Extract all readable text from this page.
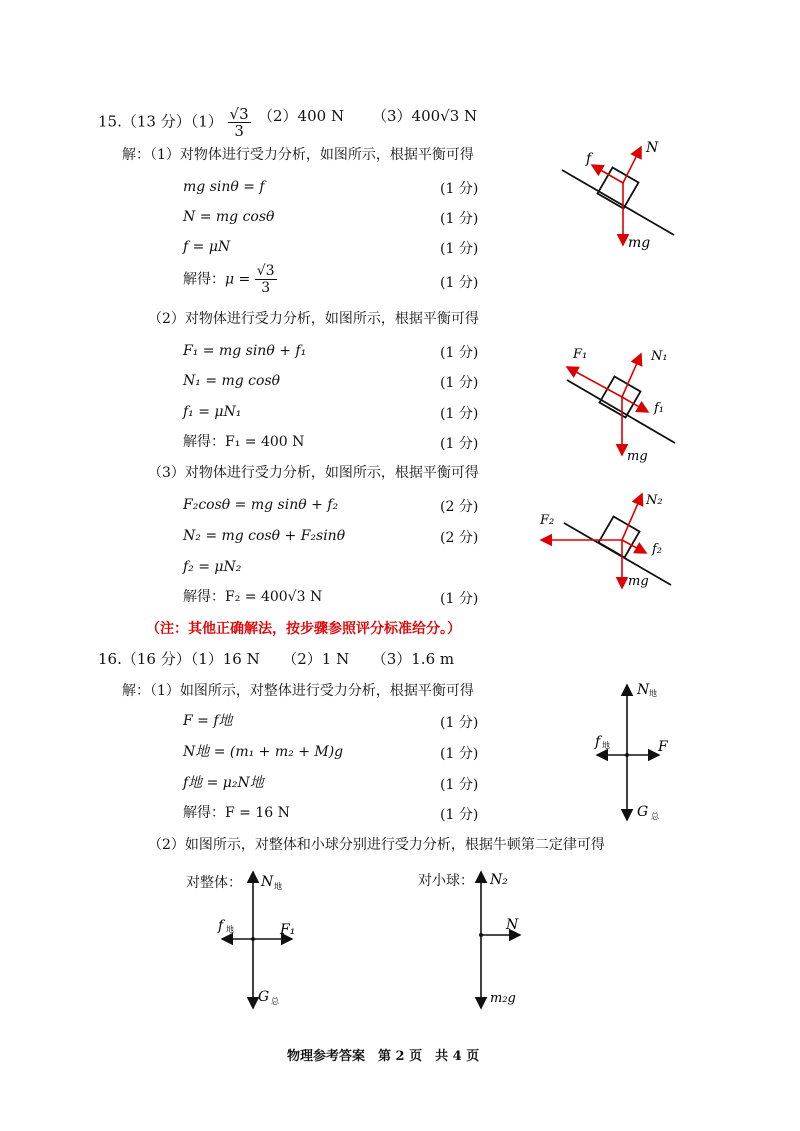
15.（13 分）$(1) \frac{√3}{3} (2)400$ N （3）400√3 N
解：（1）对物体进行受力分析，如图所示，根据平衡可得
mg sinθ = f	(1 分)
N = mg cosθ	(1 分)
f = μN	(1 分)
解得：$\mu = \frac{√3}{3}$	(1 分)
（2）对物体进行受力分析，如图所示，根据平衡可得
F₁ = mg sinθ + f₁	(1 分)
N₁ = mg cosθ	(1 分)
f₁ = μN₁	(1 分)
解得：F₁ = 400 N	(1 分)
（3）对物体进行受力分析，如图所示，根据平衡可得
F₂cosθ = mg sinθ + f₂	(2 分)
N₂ = mg cosθ + F₂sinθ	(2 分)
f₂ = μN₂
解得：F₂ = 400√3 N	(1 分)
（注：其他正确解法，按步骤参照评分标准给分。）
N
f
mg
N₁
F₁
f₁
mg
N₂
F₂
f₂
mg
16.（16 分）（1）16 N　　（2）1 N　　（3）1.6 m
解：（1）如图所示，对整体进行受力分析，根据平衡可得
F = f地	(1 分)
N地 = (m₁ + m₂ + M)g	(1 分)
f地 = μ₂N地	(1 分)
解得：F = 16 N	(1 分)
N 地
f 地	F
G 总
（2）如图所示，对整体和小球分别进行受力分析，根据牛顿第二定律可得
对整体：	对小球：
N 地
f 地	F₁
G 总
N₂
N
m₂g
物理参考答案　第 2 页　共 4 页
